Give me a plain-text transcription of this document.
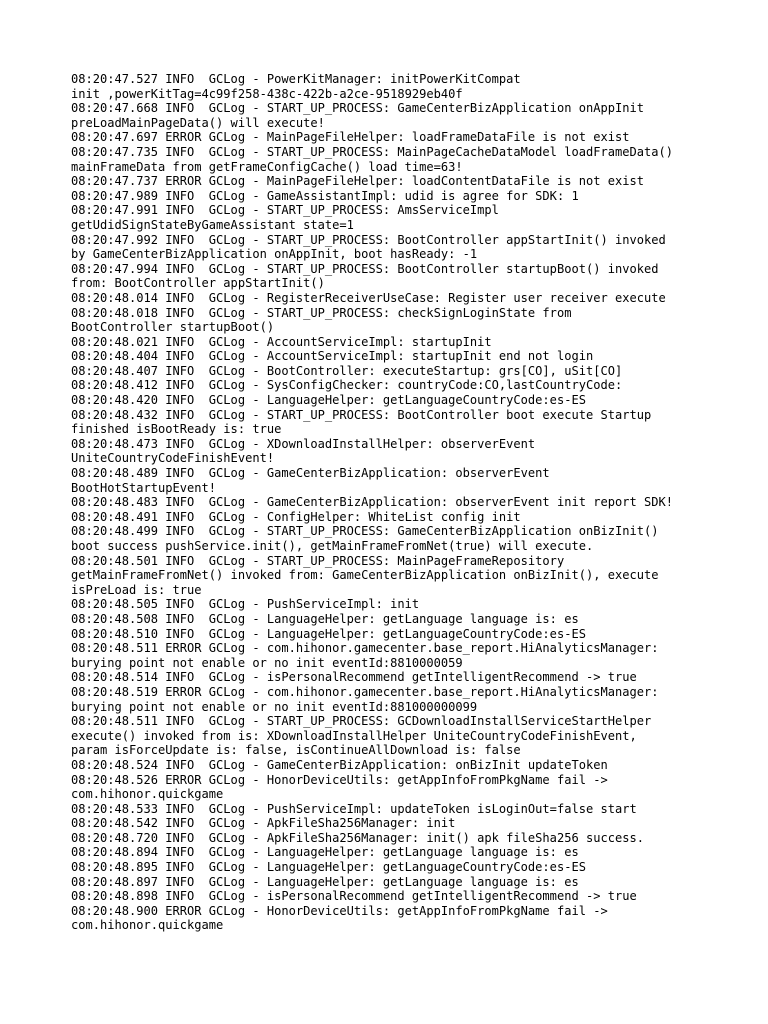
08:20:47.527 INFO  GCLog - PowerKitManager: initPowerKitCompat
init ,powerKitTag=4c99f258-438c-422b-a2ce-9518929eb40f
08:20:47.668 INFO  GCLog - START_UP_PROCESS: GameCenterBizApplication onAppInit
preLoadMainPageData() will execute!
08:20:47.697 ERROR GCLog - MainPageFileHelper: loadFrameDataFile is not exist
08:20:47.735 INFO  GCLog - START_UP_PROCESS: MainPageCacheDataModel loadFrameData()
mainFrameData from getFrameConfigCache() load time=63!
08:20:47.737 ERROR GCLog - MainPageFileHelper: loadContentDataFile is not exist
08:20:47.989 INFO  GCLog - GameAssistantImpl: udid is agree for SDK: 1
08:20:47.991 INFO  GCLog - START_UP_PROCESS: AmsServiceImpl
getUdidSignStateByGameAssistant state=1
08:20:47.992 INFO  GCLog - START_UP_PROCESS: BootController appStartInit() invoked
by GameCenterBizApplication onAppInit, boot hasReady: -1
08:20:47.994 INFO  GCLog - START_UP_PROCESS: BootController startupBoot() invoked
from: BootController appStartInit()
08:20:48.014 INFO  GCLog - RegisterReceiverUseCase: Register user receiver execute
08:20:48.018 INFO  GCLog - START_UP_PROCESS: checkSignLoginState from
BootController startupBoot()
08:20:48.021 INFO  GCLog - AccountServiceImpl: startupInit
08:20:48.404 INFO  GCLog - AccountServiceImpl: startupInit end not login
08:20:48.407 INFO  GCLog - BootController: executeStartup: grs[CO], uSit[CO]
08:20:48.412 INFO  GCLog - SysConfigChecker: countryCode:CO,lastCountryCode:
08:20:48.420 INFO  GCLog - LanguageHelper: getLanguageCountryCode:es-ES
08:20:48.432 INFO  GCLog - START_UP_PROCESS: BootController boot execute Startup
finished isBootReady is: true
08:20:48.473 INFO  GCLog - XDownloadInstallHelper: observerEvent
UniteCountryCodeFinishEvent!
08:20:48.489 INFO  GCLog - GameCenterBizApplication: observerEvent
BootHotStartupEvent!
08:20:48.483 INFO  GCLog - GameCenterBizApplication: observerEvent init report SDK!
08:20:48.491 INFO  GCLog - ConfigHelper: WhiteList config init
08:20:48.499 INFO  GCLog - START_UP_PROCESS: GameCenterBizApplication onBizInit()
boot success pushService.init(), getMainFrameFromNet(true) will execute.
08:20:48.501 INFO  GCLog - START_UP_PROCESS: MainPageFrameRepository
getMainFrameFromNet() invoked from: GameCenterBizApplication onBizInit(), execute
isPreLoad is: true
08:20:48.505 INFO  GCLog - PushServiceImpl: init
08:20:48.508 INFO  GCLog - LanguageHelper: getLanguage language is: es
08:20:48.510 INFO  GCLog - LanguageHelper: getLanguageCountryCode:es-ES
08:20:48.511 ERROR GCLog - com.hihonor.gamecenter.base_report.HiAnalyticsManager:
burying point not enable or no init eventId:8810000059
08:20:48.514 INFO  GCLog - isPersonalRecommend getIntelligentRecommend -> true
08:20:48.519 ERROR GCLog - com.hihonor.gamecenter.base_report.HiAnalyticsManager:
burying point not enable or no init eventId:881000000099
08:20:48.511 INFO  GCLog - START_UP_PROCESS: GCDownloadInstallServiceStartHelper
execute() invoked from is: XDownloadInstallHelper UniteCountryCodeFinishEvent,
param isForceUpdate is: false, isContinueAllDownload is: false
08:20:48.524 INFO  GCLog - GameCenterBizApplication: onBizInit updateToken
08:20:48.526 ERROR GCLog - HonorDeviceUtils: getAppInfoFromPkgName fail ->
com.hihonor.quickgame
08:20:48.533 INFO  GCLog - PushServiceImpl: updateToken isLoginOut=false start
08:20:48.542 INFO  GCLog - ApkFileSha256Manager: init
08:20:48.720 INFO  GCLog - ApkFileSha256Manager: init() apk fileSha256 success.
08:20:48.894 INFO  GCLog - LanguageHelper: getLanguage language is: es
08:20:48.895 INFO  GCLog - LanguageHelper: getLanguageCountryCode:es-ES
08:20:48.897 INFO  GCLog - LanguageHelper: getLanguage language is: es
08:20:48.898 INFO  GCLog - isPersonalRecommend getIntelligentRecommend -> true
08:20:48.900 ERROR GCLog - HonorDeviceUtils: getAppInfoFromPkgName fail ->
com.hihonor.quickgame
